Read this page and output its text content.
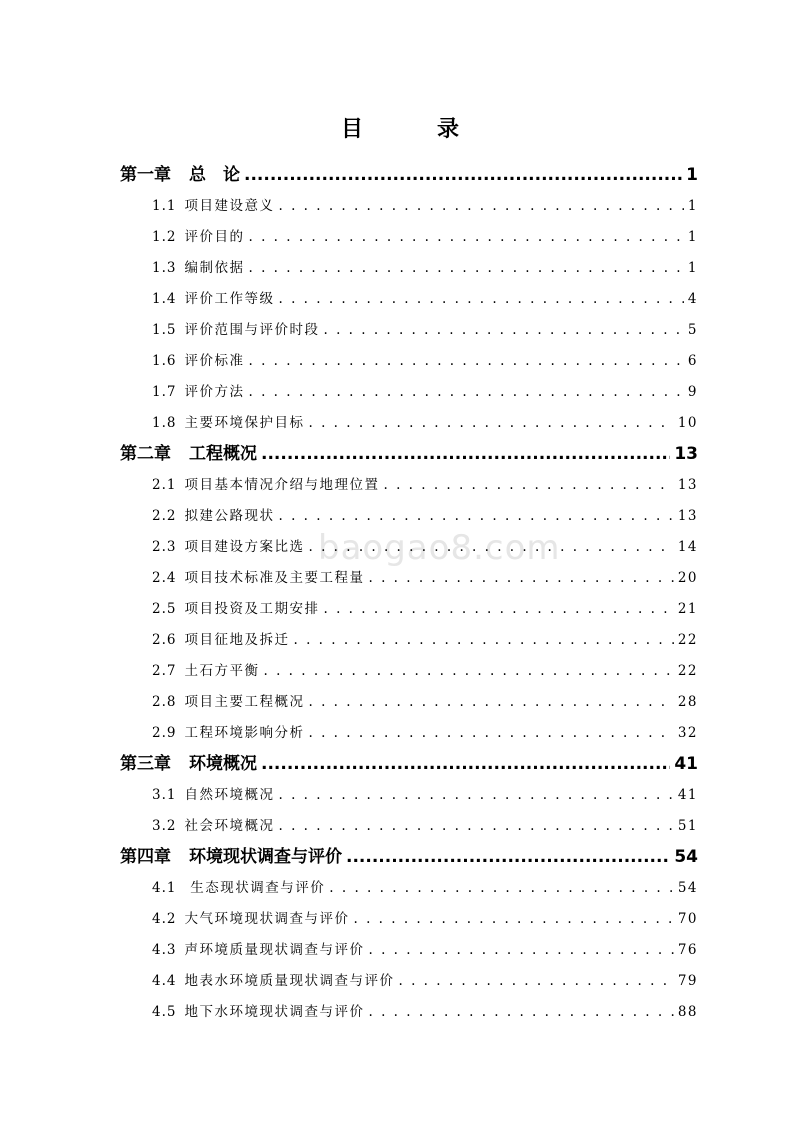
baogao8.com
目　录
第一章 总　论 .....	1
1.1 项目建设意义 . . .	1
1.2 评价目的 . . .	1
1.3 编制依据 . . .	1
1.4 评价工作等级 . . .	4
1.5 评价范围与评价时段 . . .	5
1.6 评价标准 . . .	6
1.7 评价方法 . . .	9
1.8 主要环境保护目标 . . .	10
第二章 工程概况 .....	13
2.1 项目基本情况介绍与地理位置 . . .	13
2.2 拟建公路现状 . . .	13
2.3 项目建设方案比选 . . .	14
2.4 项目技术标准及主要工程量 . . .	20
2.5 项目投资及工期安排 . . .	21
2.6 项目征地及拆迁 . . .	22
2.7 土石方平衡 . . .	22
2.8 项目主要工程概况 . . .	28
2.9 工程环境影响分析 . . .	32
第三章 环境概况 .....	41
3.1 自然环境概况 . . .	41
3.2 社会环境概况 . . .	51
第四章 环境现状调查与评价 .....	54
4.1 生态现状调查与评价 . . .	54
4.2 大气环境现状调查与评价 . . .	70
4.3 声环境质量现状调查与评价 . . .	76
4.4 地表水环境质量现状调查与评价 . . .	79
4.5 地下水环境现状调查与评价 . . .	88
